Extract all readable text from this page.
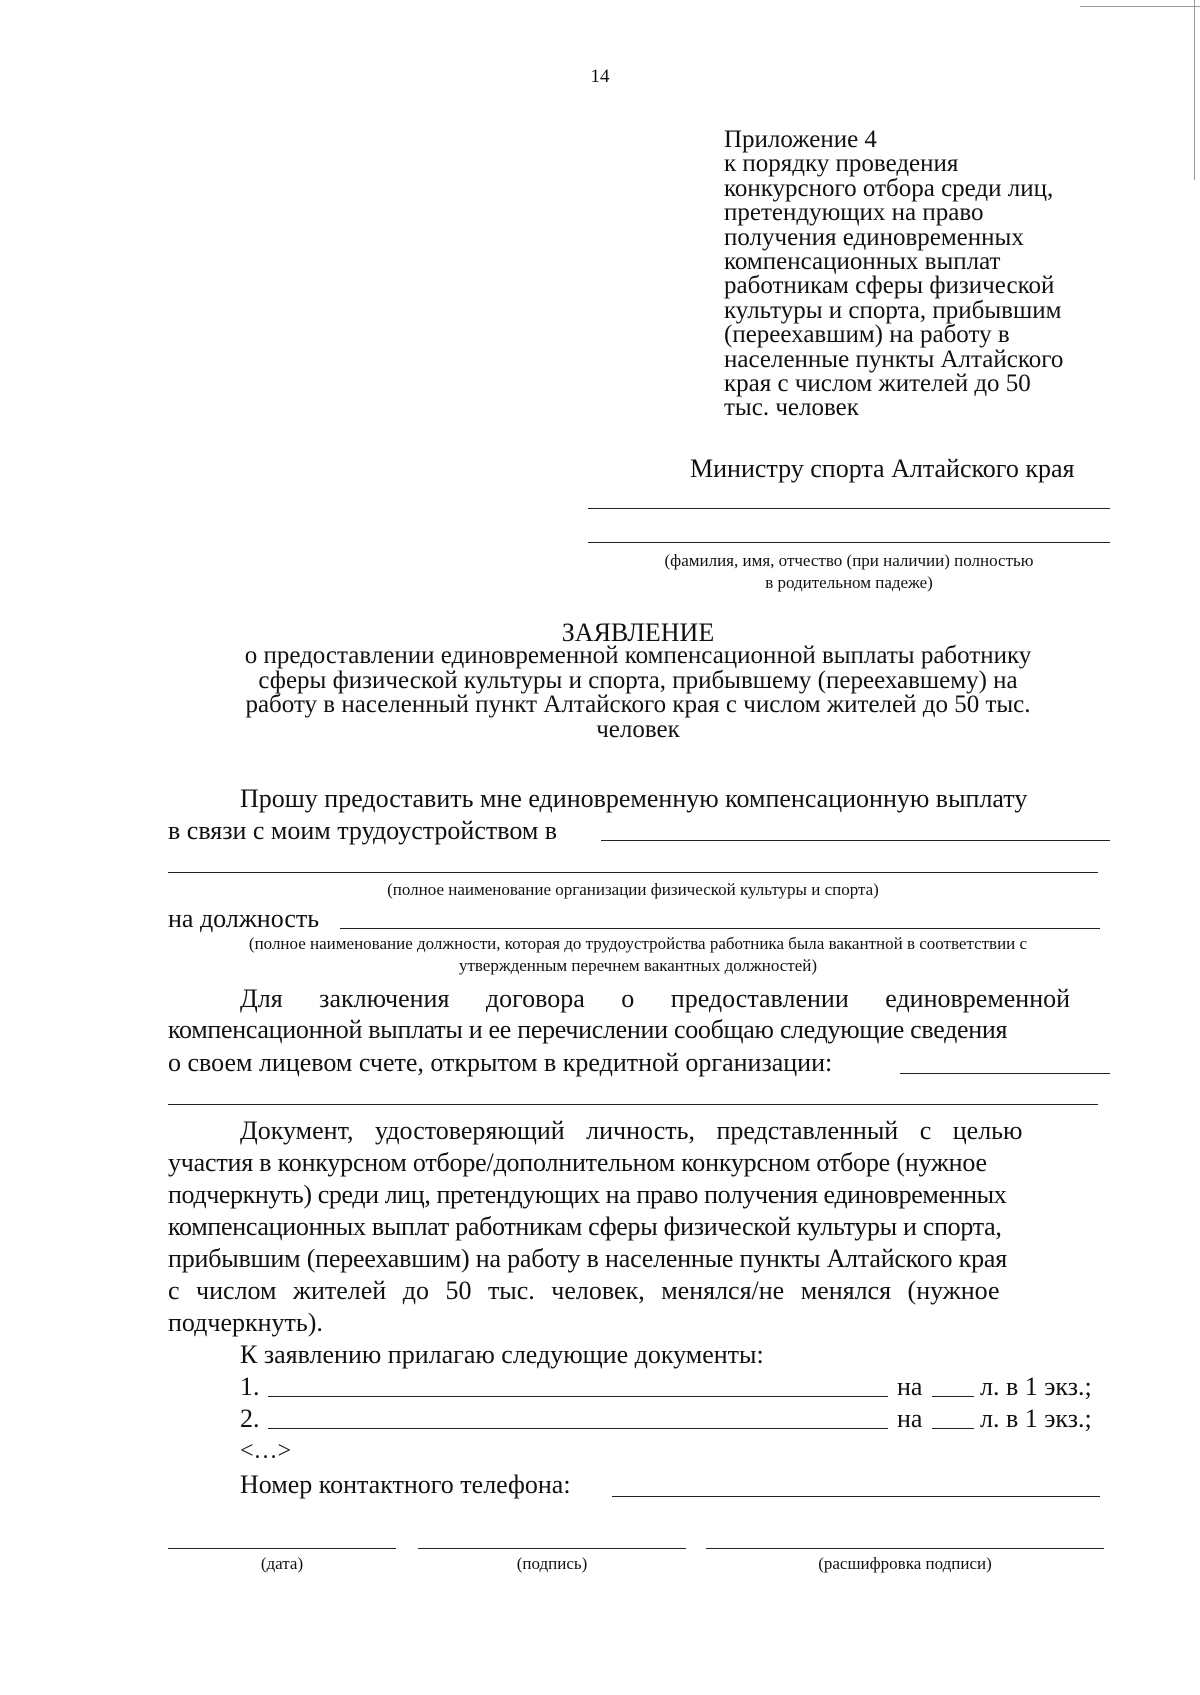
14
Приложение 4
к порядку проведения
конкурсного отбора среди лиц,
претендующих на право
получения единовременных
компенсационных выплат
работникам сферы физической
культуры и спорта, прибывшим
(переехавшим) на работу в
населенные пункты Алтайского
края с числом жителей до 50
тыс. человек
Министру спорта Алтайского края
(фамилия, имя, отчество (при наличии) полностью
в родительном падеже)
ЗАЯВЛЕНИЕ
о предоставлении единовременной компенсационной выплаты работнику
сферы физической культуры и спорта, прибывшему (переехавшему) на
работу в населенный пункт Алтайского края с числом жителей до 50 тыс.
человек
Прошу предоставить мне единовременную компенсационную выплату
в связи с моим трудоустройством в
(полное наименование организации физической культуры и спорта)
на должность
(полное наименование должности, которая до трудоустройства работника была вакантной в соответствии с
утвержденным перечнем вакантных должностей)
Для заключения договора о предоставлении единовременной
компенсационной выплаты и ее перечислении сообщаю следующие сведения
о своем лицевом счете, открытом в кредитной организации:
Документ, удостоверяющий личность, представленный с целью
участия в конкурсном отборе/дополнительном конкурсном отборе (нужное
подчеркнуть) среди лиц, претендующих на право получения единовременных
компенсационных выплат работникам сферы физической культуры и спорта,
прибывшим (переехавшим) на работу в населенные пункты Алтайского края
с числом жителей до 50 тыс. человек, менялся/не менялся (нужное
подчеркнуть).
К заявлению прилагаю следующие документы:
1.	на л. в 1 экз.;
2.	на л. в 1 экз.;
<…>
Номер контактного телефона:
(дата)	(подпись)	(расшифровка подписи)
